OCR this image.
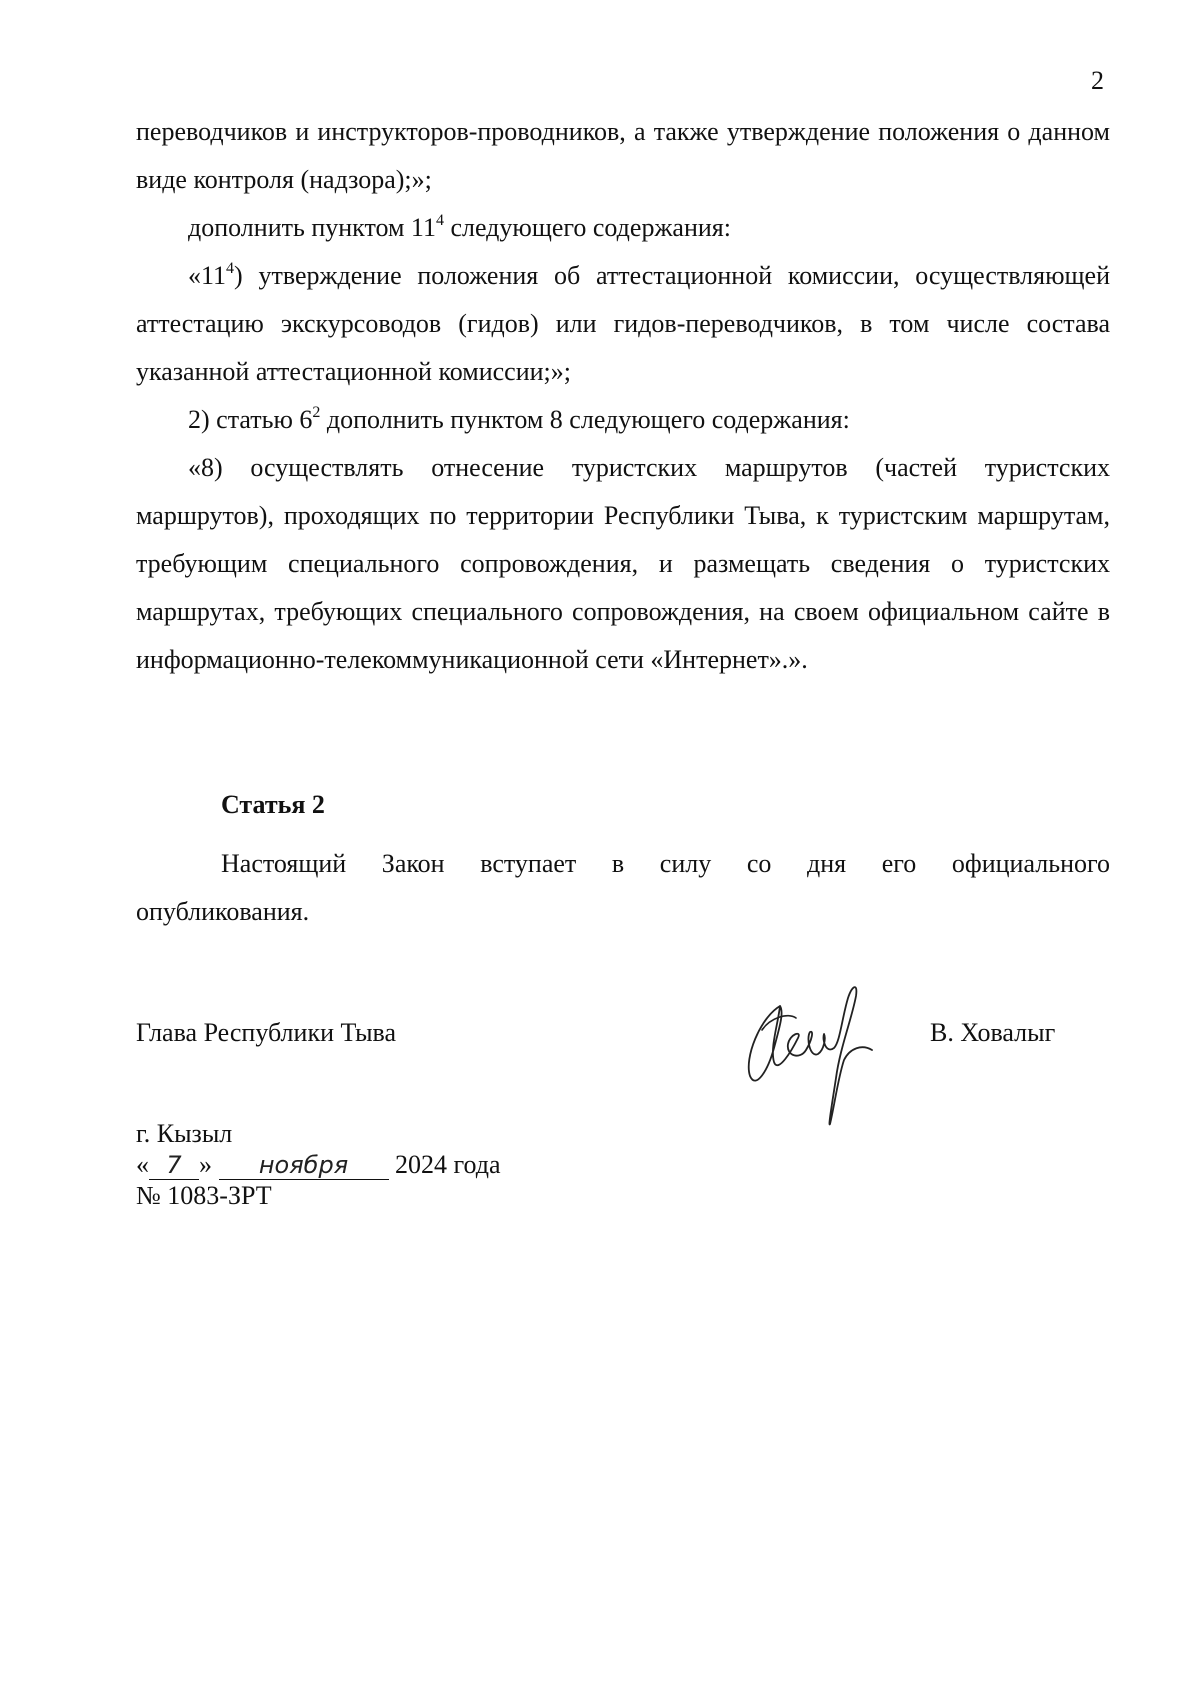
2

переводчиков и инструкторов-проводников, а также утверждение положения о данном виде контроля (надзора);»;

дополнить пунктом $11^4$ следующего содержания:

«$11^4$) утверждение положения об аттестационной комиссии, осуществляющей аттестацию экскурсоводов (гидов) или гидов-переводчиков, в том числе состава указанной аттестационной комиссии;»;

2) статью $6^2$ дополнить пунктом 8 следующего содержания:

«8) осуществлять отнесение туристских маршрутов (частей туристских маршрутов), проходящих по территории Республики Тыва, к туристским маршрутам, требующим специального сопровождения, и размещать сведения о туристских маршрутах, требующих специального сопровождения, на своем официальном сайте в информационно-телекоммуникационной сети «Интернет».».

Статья 2

Настоящий Закон вступает в силу со дня его официального
опубликования.

Глава Республики Тыва	В. Ховалыг
г. Кызыл
« 7 » ноября 2024 года
№ 1083-ЗРТ
